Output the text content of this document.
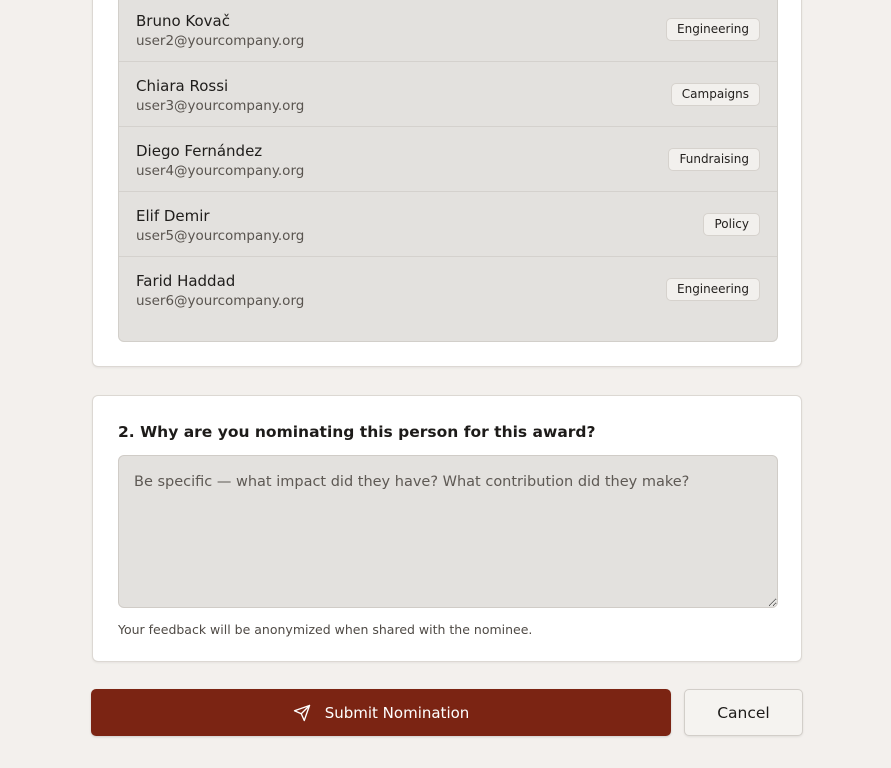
Bruno Kovač
user2@yourcompany.org
Engineering
Chiara Rossi
user3@yourcompany.org
Campaigns
Diego Fernández
user4@yourcompany.org
Fundraising
Elif Demir
user5@yourcompany.org
Policy
Farid Haddad
user6@yourcompany.org
Engineering
2. Why are you nominating this person for this award?
Be specific — what impact did they have? What contribution did they make?
Your feedback will be anonymized when shared with the nominee.
Submit Nomination	Cancel
